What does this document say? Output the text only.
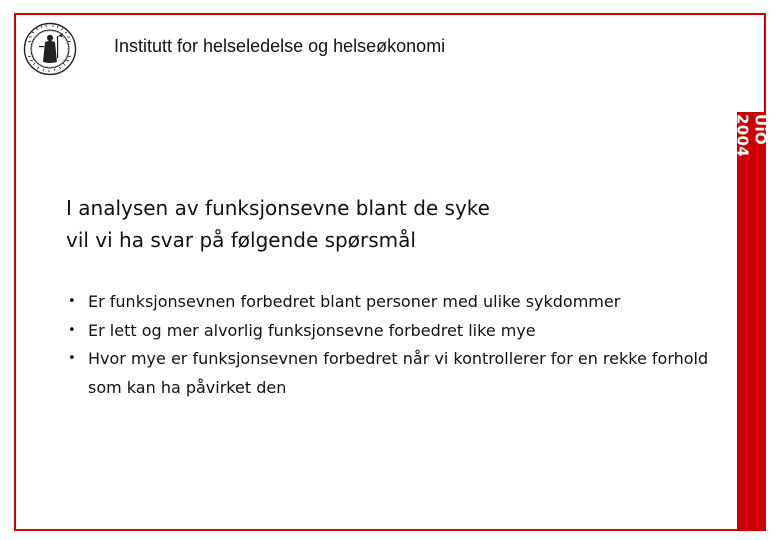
Institutt for helseledelse og helseøkonomi
UiO 2004
I analysen av funksjonsevne blant de syke
vil vi ha svar på følgende spørsmål
• Er funksjonsevnen forbedret blant personer med ulike sykdommer
• Er lett og mer alvorlig funksjonsevne forbedret like mye
• Hvor mye er funksjonsevnen forbedret når vi kontrollerer for en rekke forhold som kan ha påvirket den
